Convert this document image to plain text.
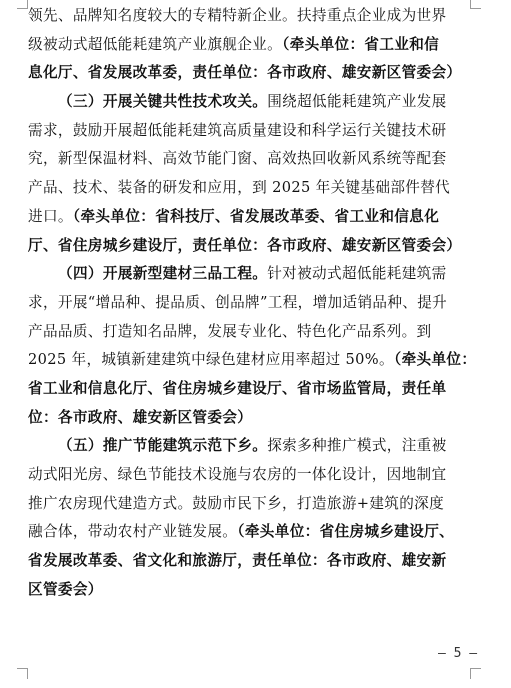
领先、品牌知名度较大的专精特新企业。扶持重点企业成为世界
级被动式超低能耗建筑产业旗舰企业。（牵头单位：省工业和信
息化厅、省发展改革委，责任单位：各市政府、雄安新区管委会）
（三）开展关键共性技术攻关。围绕超低能耗建筑产业发展
需求，鼓励开展超低能耗建筑高质量建设和科学运行关键技术研
究，新型保温材料、高效节能门窗、高效热回收新风系统等配套
产品、技术、装备的研发和应用，到 2025 年关键基础部件替代
进口。（牵头单位：省科技厅、省发展改革委、省工业和信息化
厅、省住房城乡建设厅，责任单位：各市政府、雄安新区管委会）
（四）开展新型建材三品工程。针对被动式超低能耗建筑需
求，开展“增品种、提品质、创品牌”工程，增加适销品种、提升
产品品质、打造知名品牌，发展专业化、特色化产品系列。到
2025 年，城镇新建建筑中绿色建材应用率超过 50%。（牵头单位：
省工业和信息化厅、省住房城乡建设厅、省市场监管局，责任单
位：各市政府、雄安新区管委会）
（五）推广节能建筑示范下乡。探索多种推广模式，注重被
动式阳光房、绿色节能技术设施与农房的一体化设计，因地制宜
推广农房现代建造方式。鼓励市民下乡，打造旅游+建筑的深度
融合体，带动农村产业链发展。（牵头单位：省住房城乡建设厅、
省发展改革委、省文化和旅游厅，责任单位：各市政府、雄安新
区管委会）
— 5 —
